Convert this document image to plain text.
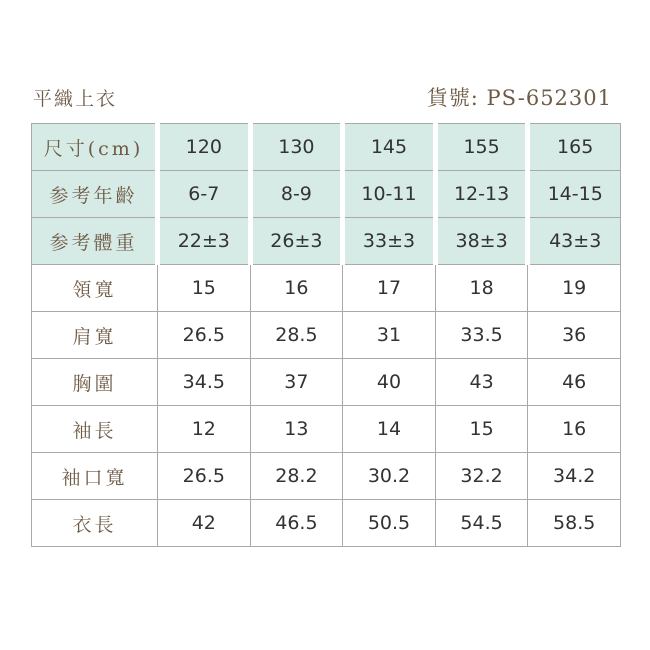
平織上衣	貨號: PS-652301
尺寸(cm)	120	130	145	155	165
参考年齡	6-7	8-9	10-11	12-13	14-15
参考體重	22±3	26±3	33±3	38±3	43±3
領寬	15	16	17	18	19
肩寬	26.5	28.5	31	33.5	36
胸圍	34.5	37	40	43	46
袖長	12	13	14	15	16
袖口寬	26.5	28.2	30.2	32.2	34.2
衣長	42	46.5	50.5	54.5	58.5
